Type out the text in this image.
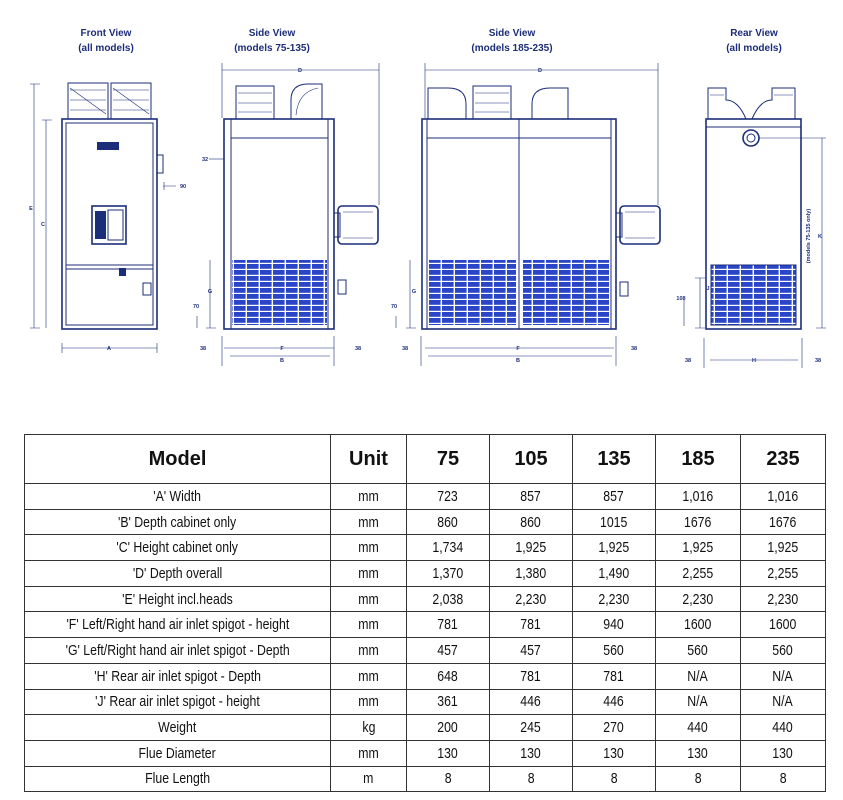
Front View
(all models)
E
C
A
90
Side View
(models 75-135)
D
32
G
70
F
B
38	38
Side View
(models 185-235)
D
G
70
F
B
38	38
Rear View
(all models)
J
108
K
(models 75-135 only)
H
38	38
Model	Unit	75	105	135	185	235
'A' Width	mm	723	857	857	1,016	1,016
'B' Depth cabinet only	mm	860	860	1015	1676	1676
'C' Height cabinet only	mm	1,734	1,925	1,925	1,925	1,925
'D' Depth overall	mm	1,370	1,380	1,490	2,255	2,255
'E' Height incl.heads	mm	2,038	2,230	2,230	2,230	2,230
'F' Left/Right hand air inlet spigot - height	mm	781	781	940	1600	1600
'G' Left/Right hand air inlet spigot - Depth	mm	457	457	560	560	560
'H' Rear air inlet spigot - Depth	mm	648	781	781	N/A	N/A
'J' Rear air inlet spigot - height	mm	361	446	446	N/A	N/A
Weight	kg	200	245	270	440	440
Flue Diameter	mm	130	130	130	130	130
Flue Length	m	8	8	8	8	8
